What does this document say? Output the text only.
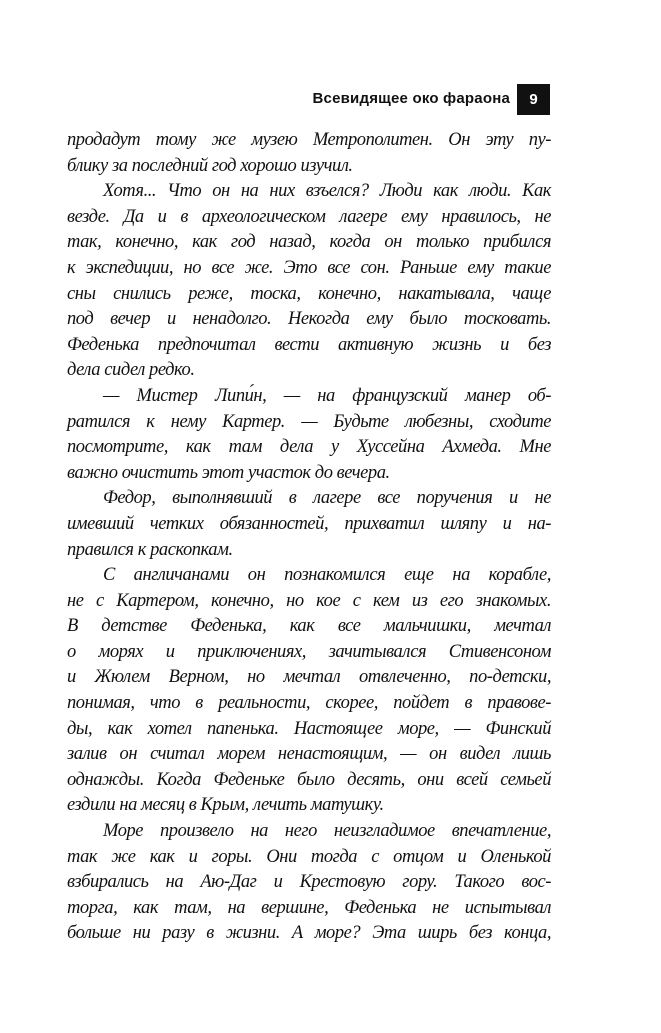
Всевидящее око фараона 9
продадут тому же музею Метрополитен. Он эту пу-
блику за последний год хорошо изучил.
Хотя... Что он на них взъелся? Люди как люди. Как
везде. Да и в археологическом лагере ему нравилось, не
так, конечно, как год назад, когда он только прибился
к экспедиции, но все же. Это все сон. Раньше ему такие
сны снились реже, тоска, конечно, накатывала, чаще
под вечер и ненадолго. Некогда ему было тосковать.
Феденька предпочитал вести активную жизнь и без
дела сидел редко.
— Мистер Липи́н, — на французский манер об-
ратился к нему Картер. — Будьте любезны, сходите
посмотрите, как там дела у Хуссейна Ахмеда. Мне
важно очистить этот участок до вечера.
Федор, выполнявший в лагере все поручения и не
имевший четких обязанностей, прихватил шляпу и на-
правился к раскопкам.
С англичанами он познакомился еще на корабле,
не с Картером, конечно, но кое с кем из его знакомых.
В детстве Феденька, как все мальчишки, мечтал
о морях и приключениях, зачитывался Стивенсоном
и Жюлем Верном, но мечтал отвлеченно, по-детски,
понимая, что в реальности, скорее, пойдет в правове-
ды, как хотел папенька. Настоящее море, — Финский
залив он считал морем ненастоящим, — он видел лишь
однажды. Когда Феденьке было десять, они всей семьей
ездили на месяц в Крым, лечить матушку.
Море произвело на него неизгладимое впечатление,
так же как и горы. Они тогда с отцом и Оленькой
взбирались на Аю-Даг и Крестовую гору. Такого вос-
торга, как там, на вершине, Феденька не испытывал
больше ни разу в жизни. А море? Эта ширь без конца,
